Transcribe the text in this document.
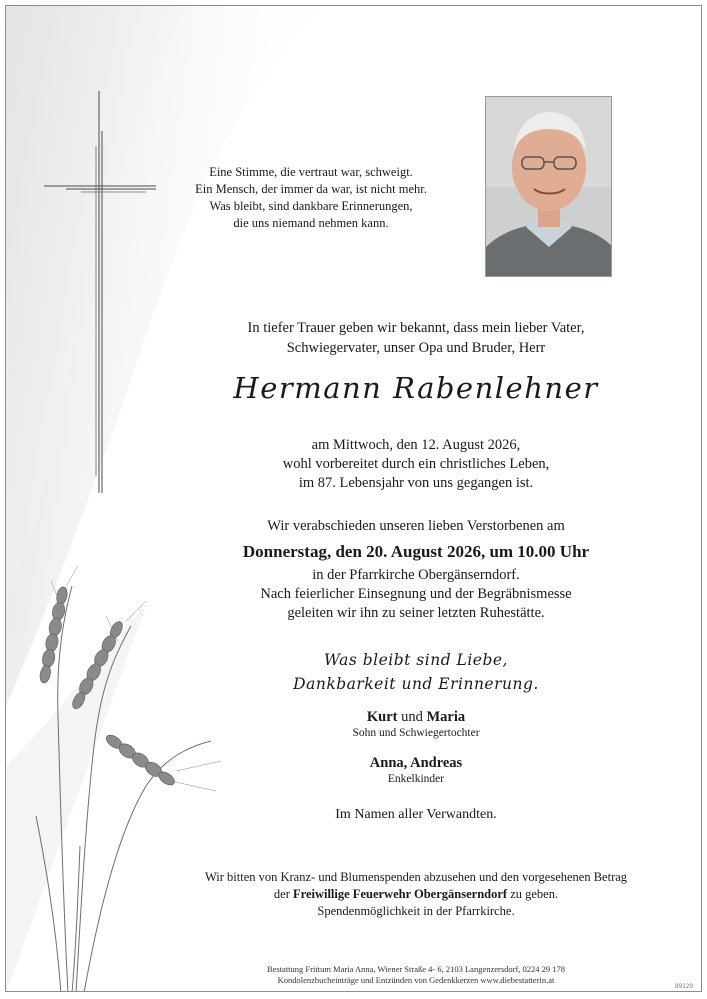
Eine Stimme, die vertraut war, schweigt.
Ein Mensch, der immer da war, ist nicht mehr.
Was bleibt, sind dankbare Erinnerungen,
die uns niemand nehmen kann.
In tiefer Trauer geben wir bekannt, dass mein lieber Vater,
Schwiegervater, unser Opa und Bruder, Herr
Hermann Rabenlehner
am Mittwoch, den 12. August 2026,
wohl vorbereitet durch ein christliches Leben,
im 87. Lebensjahr von uns gegangen ist.
Wir verabschieden unseren lieben Verstorbenen am
Donnerstag, den 20. August 2026, um 10.00 Uhr
in der Pfarrkirche Obergänserndorf.
Nach feierlicher Einsegnung und der Begräbnismesse
geleiten wir ihn zu seiner letzten Ruhestätte.
Was bleibt sind Liebe,
Dankbarkeit und Erinnerung.
Kurt und Maria
Sohn und Schwiegertochter
Anna, Andreas
Enkelkinder
Im Namen aller Verwandten.
Wir bitten von Kranz- und Blumenspenden abzusehen und den vorgesehenen Betrag
der Freiwillige Feuerwehr Obergänserndorf zu geben.
Spendenmöglichkeit in der Pfarrkirche.
Bestattung Frittum Maria Anna, Wiener Straße 4- 6, 2103 Langenzersdorf, 0224 29 178
Kondolenzbucheinträge und Entzünden von Gedenkkerzen www.diebestatterin.at
89129
